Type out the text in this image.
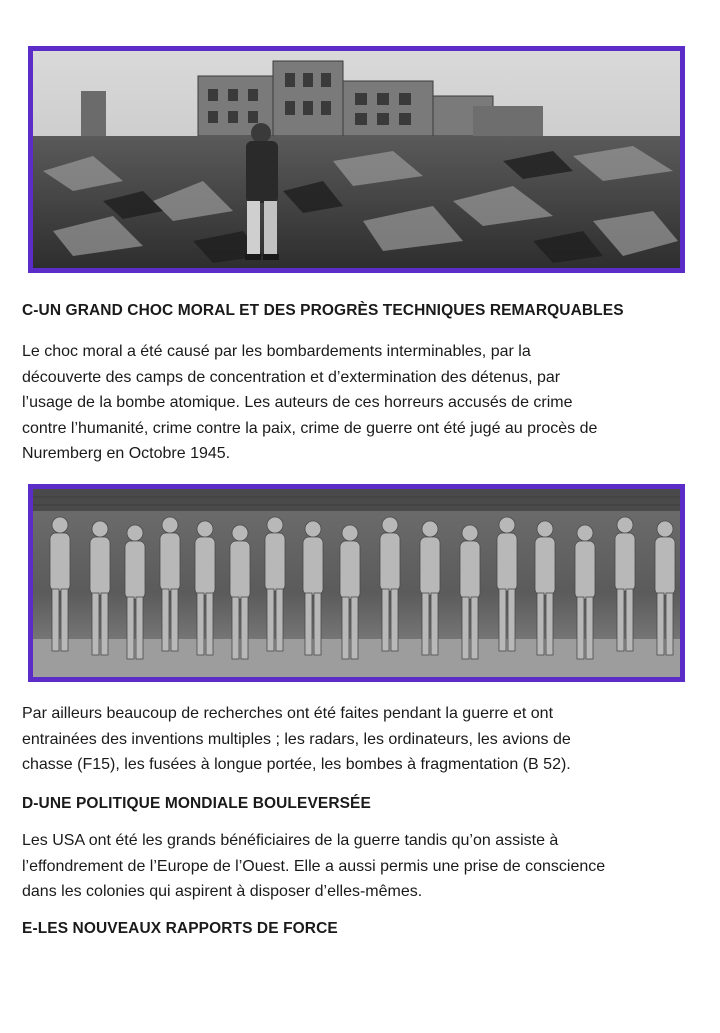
C-UN GRAND CHOC MORAL ET DES PROGRÈS TECHNIQUES REMARQUABLES
Le choc moral a été causé par les bombardements interminables, par la
découverte des camps de concentration et d’extermination des détenus, par
l’usage de la bombe atomique. Les auteurs de ces horreurs accusés de crime
contre l’humanité, crime contre la paix, crime de guerre ont été jugé au procès de
Nuremberg en Octobre 1945.
Par ailleurs beaucoup de recherches ont été faites pendant la guerre et ont
entrainées des inventions multiples ; les radars, les ordinateurs, les avions de
chasse (F15), les fusées à longue portée, les bombes à fragmentation (B 52).
D-UNE POLITIQUE MONDIALE BOULEVERSÉE
Les USA ont été les grands bénéficiaires de la guerre tandis qu’on assiste à
l’effondrement de l’Europe de l’Ouest. Elle a aussi permis une prise de conscience
dans les colonies qui aspirent à disposer d’elles-mêmes.
E-LES NOUVEAUX RAPPORTS DE FORCE
